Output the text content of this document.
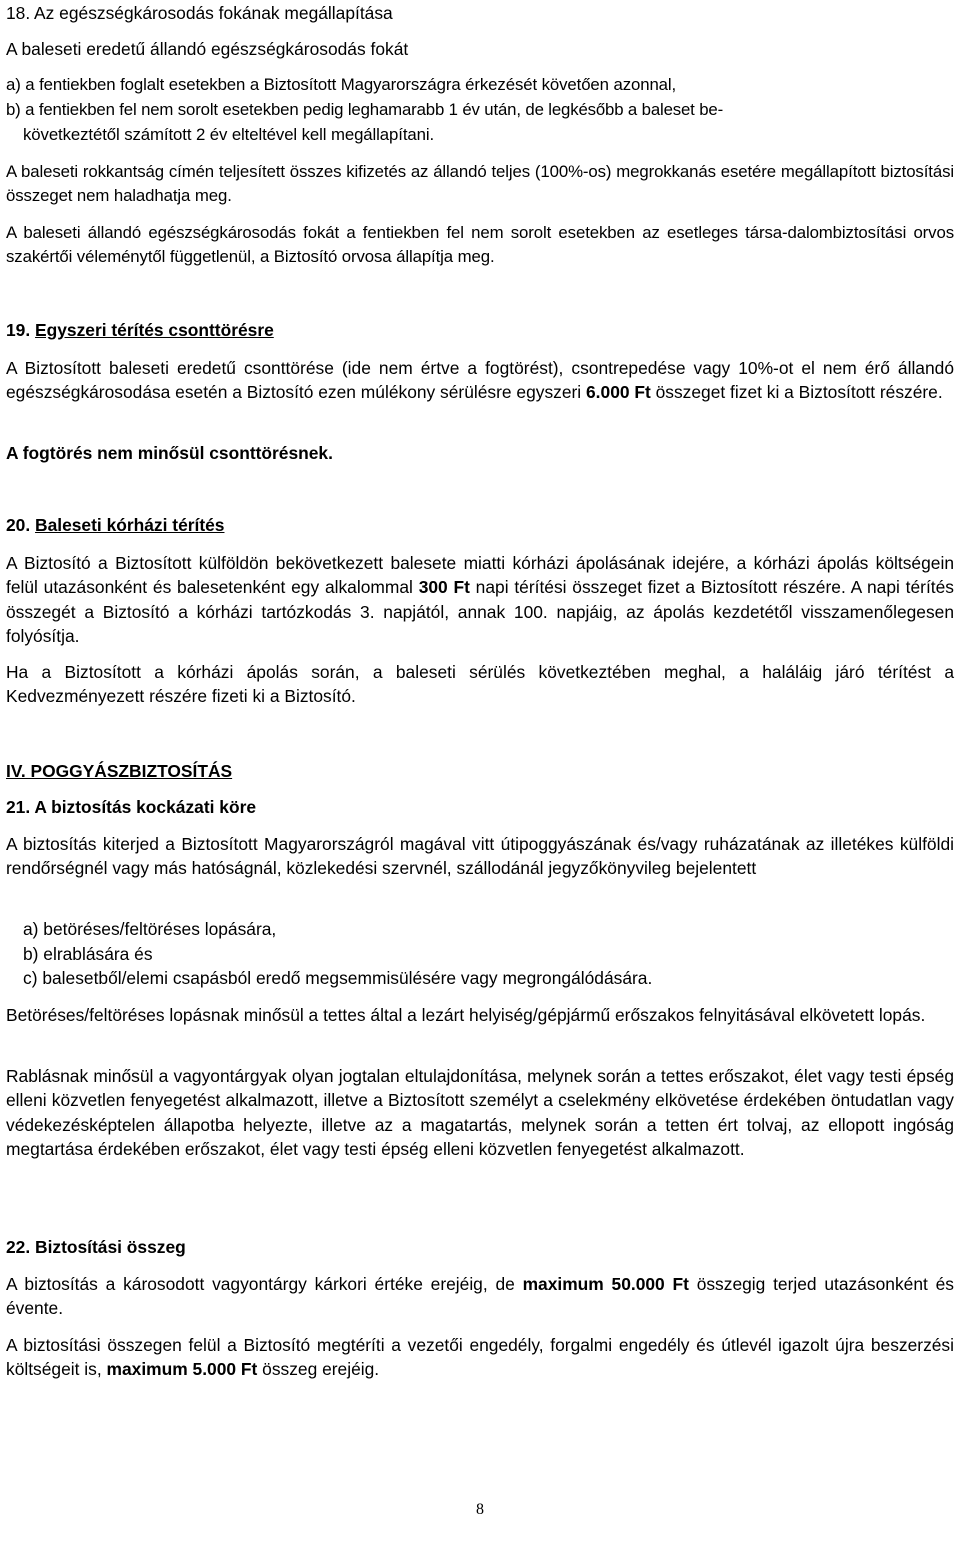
18. Az egészségkárosodás fokának megállapítása
A baleseti eredetű állandó egészségkárosodás fokát
a) a fentiekben foglalt esetekben a Biztosított Magyarországra érkezését követően azonnal,
b) a fentiekben fel nem sorolt esetekben pedig leghamarabb 1 év után, de legkésőbb a baleset be-
következtétől számított 2 év elteltével kell megállapítani.

A baleseti rokkantság címén teljesített összes kifizetés az állandó teljes (100%-os) megrokkanás esetére megállapított biztosítási összeget nem haladhatja meg.

A baleseti állandó egészségkárosodás fokát a fentiekben fel nem sorolt esetekben az esetleges társa-dalombiztosítási orvos szakértői véleménytől függetlenül, a Biztosító orvosa állapítja meg.

19. Egyszeri térítés csonttörésre

A Biztosított baleseti eredetű csonttörése (ide nem értve a fogtörést), csontrepedése vagy 10%-ot el nem érő állandó egészségkárosodása esetén a Biztosító ezen múlékony sérülésre egyszeri 6.000 Ft összeget fizet ki a Biztosított részére.

A fogtörés nem minősül csonttörésnek.
20. Baleseti kórházi térítés

A Biztosító a Biztosított külföldön bekövetkezett balesete miatti kórházi ápolásának idejére, a kórházi ápolás költségein felül utazásonként és balesetenként egy alkalommal 300 Ft napi térítési összeget fizet a Biztosított részére. A napi térítés összegét a Biztosító a kórházi tartózkodás 3. napjától, annak 100. napjáig, az ápolás kezdetétől visszamenőlegesen folyósítja.

Ha a Biztosított a kórházi ápolás során, a baleseti sérülés következtében meghal, a haláláig járó térítést a Kedvezményezett részére fizeti ki a Biztosító.

IV. POGGYÁSZBIZTOSÍTÁS
21. A biztosítás kockázati köre

A biztosítás kiterjed a Biztosított Magyarországról magával vitt útipoggyászának és/vagy ruházatának az illetékes külföldi rendőrségnél vagy más hatóságnál, közlekedési szervnél, szállodánál jegyzőkönyvileg bejelentett

a) betöréses/feltöréses lopására,
b) elrablására és
c) balesetből/elemi csapásból eredő megsemmisülésére vagy megrongálódására.

Betöréses/feltöréses lopásnak minősül a tettes által a lezárt helyiség/gépjármű erőszakos felnyitásával elkövetett lopás.

Rablásnak minősül a vagyontárgyak olyan jogtalan eltulajdonítása, melynek során a tettes erőszakot, élet vagy testi épség elleni közvetlen fenyegetést alkalmazott, illetve a Biztosított személyt a cselekmény elkövetése érdekében öntudatlan vagy védekezésképtelen állapotba helyezte, illetve az a magatartás, melynek során a tetten ért tolvaj, az ellopott ingóság megtartása érdekében erőszakot, élet vagy testi épség elleni közvetlen fenyegetést alkalmazott.

22. Biztosítási összeg

A biztosítás a károsodott vagyontárgy kárkori értéke erejéig, de maximum 50.000 Ft összegig terjed utazásonként és évente.

A biztosítási összegen felül a Biztosító megtéríti a vezetői engedély, forgalmi engedély és útlevél igazolt újra beszerzési költségeit is, maximum 5.000 Ft összeg erejéig.

8
